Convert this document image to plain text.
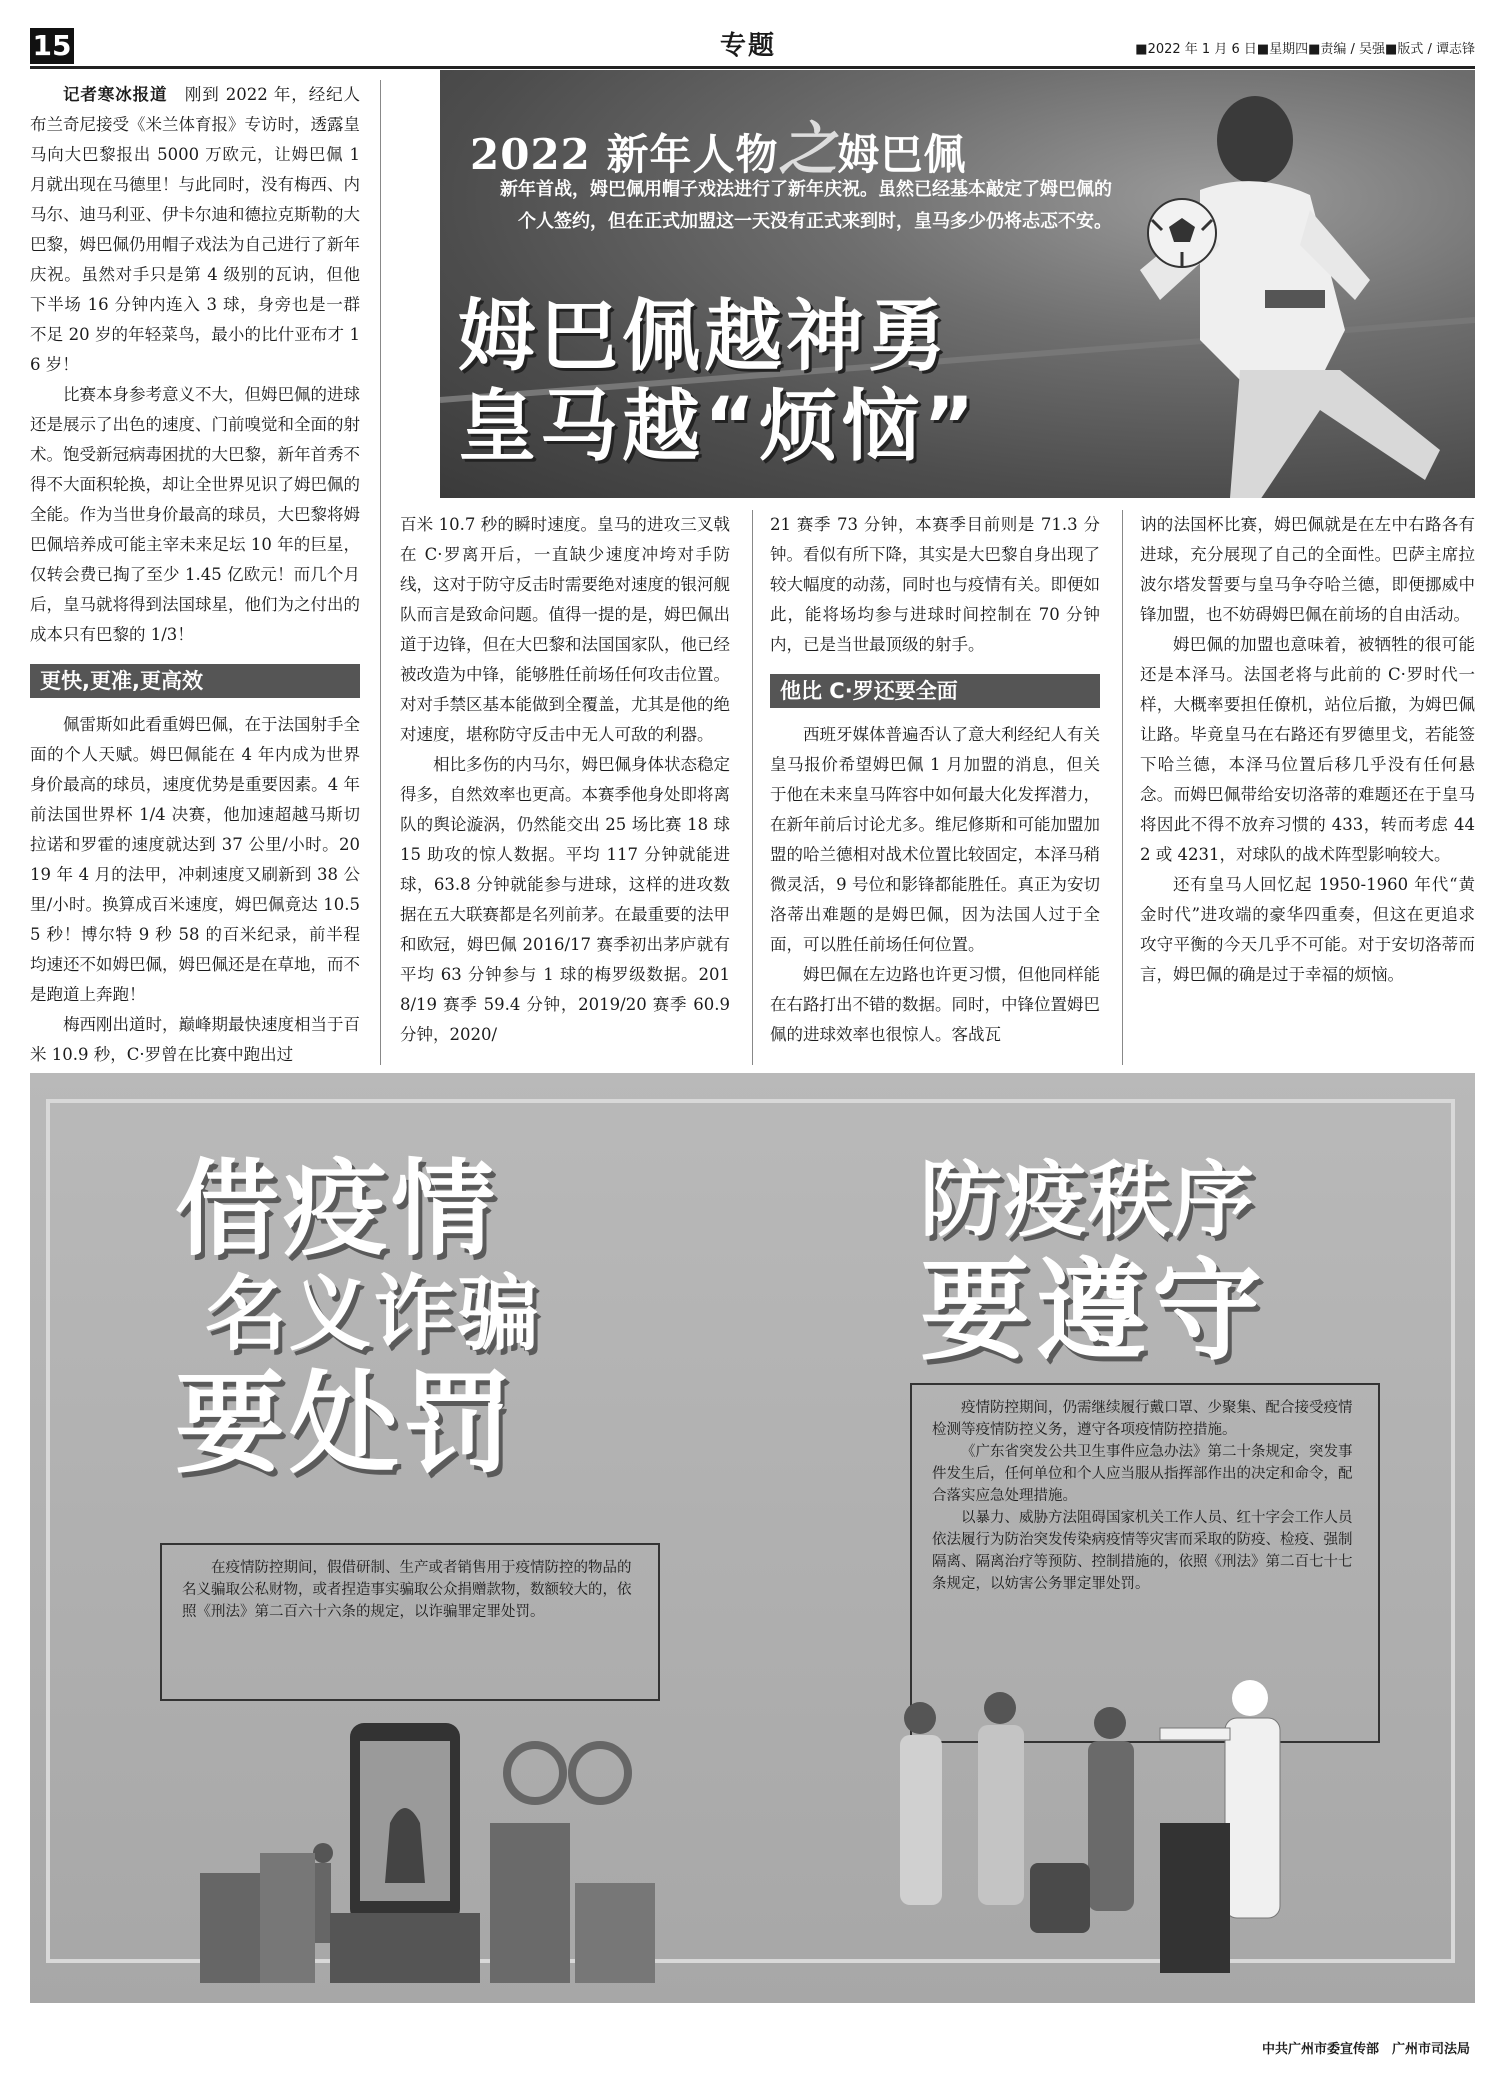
15	专题	■2022 年 1 月 6 日■星期四■责编 / 吴强■版式 / 谭志锋

记者寒冰报道　 刚到 2022 年，经纪人布兰奇尼接受《米兰体育报》专访时，透露皇马向大巴黎报出 5000 万欧元，让姆巴佩 1 月就出现在马德里！与此同时，没有梅西、内马尔、迪马利亚、伊卡尔迪和德拉克斯勒的大巴黎，姆巴佩仍用帽子戏法为自己进行了新年庆祝。虽然对手只是第 4 级别的瓦讷，但他下半场 16 分钟内连入 3 球，身旁也是一群不足 20 岁的年轻菜鸟，最小的比什亚布才 16 岁！

比赛本身参考意义不大，但姆巴佩的进球还是展示了出色的速度、门前嗅觉和全面的射术。饱受新冠病毒困扰的大巴黎，新年首秀不得不大面积轮换，却让全世界见识了姆巴佩的全能。作为当世身价最高的球员，大巴黎将姆巴佩培养成可能主宰未来足坛 10 年的巨星，仅转会费已掏了至少 1.45 亿欧元！而几个月后，皇马就将得到法国球星，他们为之付出的成本只有巴黎的 1/3！

更快,更准,更高效

佩雷斯如此看重姆巴佩，在于法国射手全面的个人天赋。姆巴佩能在 4 年内成为世界身价最高的球员，速度优势是重要因素。4 年前法国世界杯 1/4 决赛，他加速超越马斯切拉诺和罗霍的速度就达到 37 公里/小时。2019 年 4 月的法甲，冲刺速度又刷新到 38 公里/小时。换算成百米速度，姆巴佩竟达 10.55 秒！博尔特 9 秒 58 的百米纪录，前半程均速还不如姆巴佩，姆巴佩还是在草地，而不是跑道上奔跑！

梅西刚出道时，巅峰期最快速度相当于百米 10.9 秒，C·罗曾在比赛中跑出过

2022 新年人物之姆巴佩
新年首战，姆巴佩用帽子戏法进行了新年庆祝。虽然已经基本敲定了姆巴佩的个人签约，但在正式加盟这一天没有正式来到时，皇马多少仍将忐忑不安。
姆巴佩越神勇
皇马越“烦恼”

百米 10.7 秒的瞬时速度。皇马的进攻三叉戟在 C·罗离开后，一直缺少速度冲垮对手防线，这对于防守反击时需要绝对速度的银河舰队而言是致命问题。值得一提的是，姆巴佩出道于边锋，但在大巴黎和法国国家队，他已经被改造为中锋，能够胜任前场任何攻击位置。对对手禁区基本能做到全覆盖，尤其是他的绝对速度，堪称防守反击中无人可敌的利器。

相比多伤的内马尔，姆巴佩身体状态稳定得多，自然效率也更高。本赛季他身处即将离队的舆论漩涡，仍然能交出 25 场比赛 18 球 15 助攻的惊人数据。平均 117 分钟就能进球，63.8 分钟就能参与进球，这样的进攻数据在五大联赛都是名列前茅。在最重要的法甲和欧冠，姆巴佩 2016/17 赛季初出茅庐就有平均 63 分钟参与 1 球的梅罗级数据。2018/19 赛季 59.4 分钟，2019/20 赛季 60.9 分钟，2020/

21 赛季 73 分钟，本赛季目前则是 71.3 分钟。看似有所下降，其实是大巴黎自身出现了较大幅度的动荡，同时也与疫情有关。即便如此，能将场均参与进球时间控制在 70 分钟内，已是当世最顶级的射手。

他比 C·罗还要全面

西班牙媒体普遍否认了意大利经纪人有关皇马报价希望姆巴佩 1 月加盟的消息，但关于他在未来皇马阵容中如何最大化发挥潜力，在新年前后讨论尤多。维尼修斯和可能加盟加盟的哈兰德相对战术位置比较固定，本泽马稍微灵活，9 号位和影锋都能胜任。真正为安切洛蒂出难题的是姆巴佩，因为法国人过于全面，可以胜任前场任何位置。

姆巴佩在左边路也许更习惯，但他同样能在右路打出不错的数据。同时，中锋位置姆巴佩的进球效率也很惊人。客战瓦

讷的法国杯比赛，姆巴佩就是在左中右路各有进球，充分展现了自己的全面性。巴萨主席拉波尔塔发誓要与皇马争夺哈兰德，即便挪威中锋加盟，也不妨碍姆巴佩在前场的自由活动。

姆巴佩的加盟也意味着，被牺牲的很可能还是本泽马。法国老将与此前的 C·罗时代一样，大概率要担任僚机，站位后撤，为姆巴佩让路。毕竟皇马在右路还有罗德里戈，若能签下哈兰德，本泽马位置后移几乎没有任何悬念。而姆巴佩带给安切洛蒂的难题还在于皇马将因此不得不放弃习惯的 433，转而考虑 442 或 4231，对球队的战术阵型影响较大。

还有皇马人回忆起 1950-1960 年代“黄金时代”进攻端的豪华四重奏，但这在更追求攻守平衡的今天几乎不可能。对于安切洛蒂而言，姆巴佩的确是过于幸福的烦恼。

借疫情
名义诈骗
要处罚

在疫情防控期间，假借研制、生产或者销售用于疫情防控的物品的名义骗取公私财物，或者捏造事实骗取公众捐赠款物，数额较大的，依照《刑法》第二百六十六条的规定，以诈骗罪定罪处罚。

防疫秩序
要遵守

疫情防控期间，仍需继续履行戴口罩、少聚集、配合接受疫情检测等疫情防控义务，遵守各项疫情防控措施。

《广东省突发公共卫生事件应急办法》第二十条规定，突发事件发生后，任何单位和个人应当服从指挥部作出的决定和命令，配合落实应急处理措施。

以暴力、威胁方法阻碍国家机关工作人员、红十字会工作人员依法履行为防治突发传染病疫情等灾害而采取的防疫、检疫、强制隔离、隔离治疗等预防、控制措施的，依照《刑法》第二百七十七条规定，以妨害公务罪定罪处罚。

中共广州市委宣传部　广州市司法局
